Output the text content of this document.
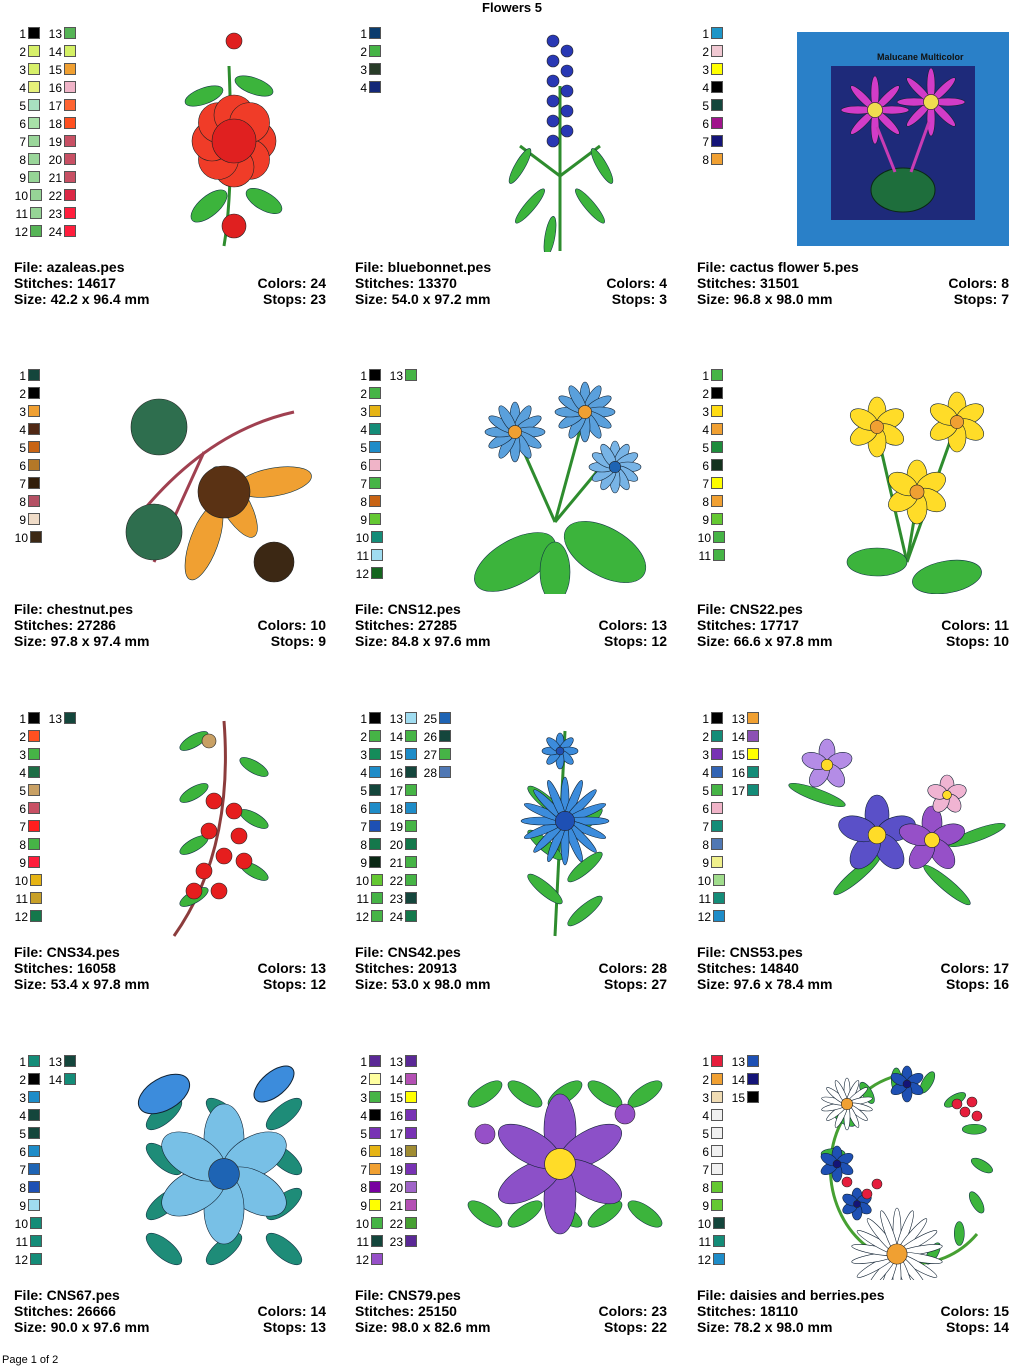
Flowers 5
1
2
3
4
5
6
7
8
9
10
11
12
13
14
15
16
17
18
19
20
21
22
23
24
File: azaleas.pes
Stitches: 14617	Colors: 24
Size: 42.2 x 96.4 mm	Stops: 23
1
2
3
4
File: bluebonnet.pes
Stitches: 13370	Colors: 4
Size: 54.0 x 97.2 mm	Stops: 3
1
2
3
4
5
6
7
8
Malucane Multicolor
File: cactus flower 5.pes
Stitches: 31501	Colors: 8
Size: 96.8 x 98.0 mm	Stops: 7
1
2
3
4
5
6
7
8
9
10
File: chestnut.pes
Stitches: 27286	Colors: 10
Size: 97.8 x 97.4 mm	Stops: 9
1
2
3
4
5
6
7
8
9
10
11
12
13
File: CNS12.pes
Stitches: 27285	Colors: 13
Size: 84.8 x 97.6 mm	Stops: 12
1
2
3
4
5
6
7
8
9
10
11
File: CNS22.pes
Stitches: 17717	Colors: 11
Size: 66.6 x 97.8 mm	Stops: 10
1
2
3
4
5
6
7
8
9
10
11
12
13
File: CNS34.pes
Stitches: 16058	Colors: 13
Size: 53.4 x 97.8 mm	Stops: 12
1
2
3
4
5
6
7
8
9
10
11
12
13
14
15
16
17
18
19
20
21
22
23
24
25
26
27
28
File: CNS42.pes
Stitches: 20913	Colors: 28
Size: 53.0 x 98.0 mm	Stops: 27
1
2
3
4
5
6
7
8
9
10
11
12
13
14
15
16
17
File: CNS53.pes
Stitches: 14840	Colors: 17
Size: 97.6 x 78.4 mm	Stops: 16
1
2
3
4
5
6
7
8
9
10
11
12
13
14
File: CNS67.pes
Stitches: 26666	Colors: 14
Size: 90.0 x 97.6 mm	Stops: 13
1
2
3
4
5
6
7
8
9
10
11
12
13
14
15
16
17
18
19
20
21
22
23
File: CNS79.pes
Stitches: 25150	Colors: 23
Size: 98.0 x 82.6 mm	Stops: 22
1
2
3
4
5
6
7
8
9
10
11
12
13
14
15
File: daisies and berries.pes
Stitches: 18110	Colors: 15
Size: 78.2 x 98.0 mm	Stops: 14
Page 1 of 2
